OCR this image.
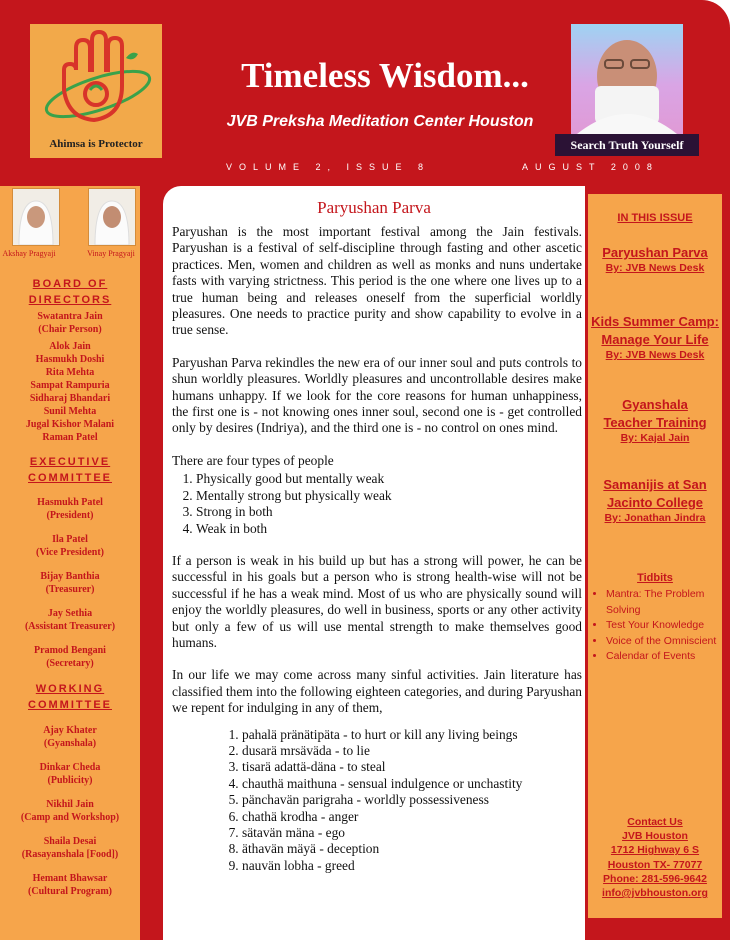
Ahimsa is Protector
Timeless Wisdom...
JVB Preksha Meditation Center Houston
VOLUME 2, ISSUE 8	AUGUST 2008
Search Truth Yourself
Akshay Pragyaji	Vinay Pragyaji
BOARD OF DIRECTORS
Swatantra Jain
(Chair Person)
Alok Jain
Hasmukh Doshi
Rita Mehta
Sampat Rampuria
Sidharaj Bhandari
Sunil Mehta
Jugal Kishor Malani
Raman Patel
EXECUTIVE COMMITTEE
Hasmukh Patel
(President)
Ila Patel
(Vice President)
Bijay Banthia
(Treasurer)
Jay Sethia
(Assistant Treasurer)
Pramod Bengani
(Secretary)
WORKING COMMITTEE
Ajay Khater
(Gyanshala)
Dinkar Cheda
(Publicity)
Nikhil Jain
(Camp and Workshop)
Shaila Desai
(Rasayanshala [Food])
Hemant Bhawsar
(Cultural Program)
Paryushan Parva

Paryushan is the most important festival among the Jain festivals. Paryushan is a festival of self-discipline through fasting and other ascetic practices. Men, women and children as well as monks and nuns undertake fasts with varying strictness. This period is the one where one lives up to a true human being and releases oneself from the superficial worldly pleasures. One needs to practice purity and show capability to evolve in a true sense.

Paryushan Parva rekindles the new era of our inner soul and puts controls to shun worldly pleasures. Worldly pleasures and uncontrollable desires make humans unhappy. If we look for the core reasons for human unhappiness, the first one is - not knowing ones inner soul, second one is - get controlled only by desires (Indriya), and the third one is - no control on ones mind.

There are four types of people

1. Physically good but mentally weak
2. Mentally strong but physically weak
3. Strong in both
4. Weak in both

If a person is weak in his build up but has a strong will power, he can be successful in his goals but a person who is strong health-wise will not be successful if he has a weak mind. Most of us who are physically sound will enjoy the worldly pleasures, do well in business, sports or any other activity but only a few of us will use mental strength to make themselves good humans.

In our life we may come across many sinful activities. Jain literature has classified them into the following eighteen categories, and during Paryushan we repent for indulging in any of them,

1. pahalä pränätipäta - to hurt or kill any living beings
2. dusarä mrsäväda - to lie
3. tisarä adattä-däna - to steal
4. chauthä maithuna - sensual indulgence or unchastity
5. pänchavän parigraha - worldly possessiveness
6. chathä krodha - anger
7. sätavän mäna - ego
8. äthavän mäyä - deception
9. nauvän lobha - greed
IN THIS ISSUE
Paryushan Parva
By: JVB News Desk
Kids Summer Camp: Manage Your Life
By: JVB News Desk
Gyanshala Teacher Training
By: Kajal Jain
Samanijis at San Jacinto College
By: Jonathan Jindra
Tidbits
• Mantra: The Problem Solving
• Test Your Knowledge
• Voice of the Omniscient
• Calendar of Events
Contact Us
JVB Houston
1712 Highway 6 S
Houston TX- 77077
Phone: 281-596-9642
info@jvbhouston.org
